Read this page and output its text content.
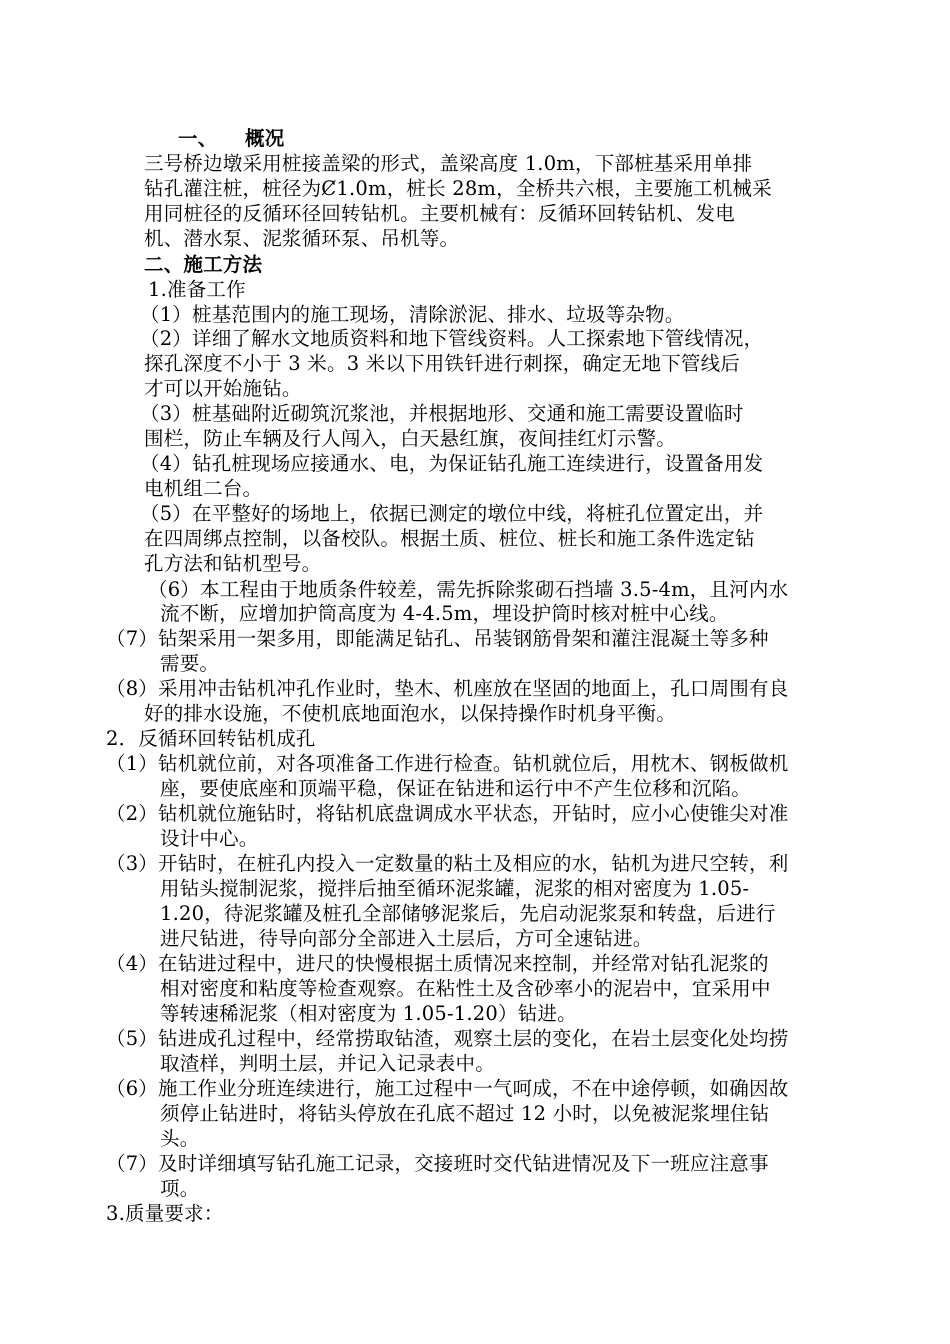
一、 概况
三号桥边墩采用桩接盖梁的形式，盖梁高度 1.0m，下部桩基采用单排
钻孔灌注桩，桩径为Ȼ1.0m，桩长 28m，全桥共六根，主要施工机械采
用同桩径的反循环径回转钻机。主要机械有：反循环回转钻机、发电
机、潜水泵、泥浆循环泵、吊机等。
二、施工方法
1.准备工作
（1）桩基范围内的施工现场，清除淤泥、排水、垃圾等杂物。
（2）详细了解水文地质资料和地下管线资料。人工探索地下管线情况，
探孔深度不小于 3 米。3 米以下用铁钎进行刺探，确定无地下管线后
才可以开始施钻。
（3）桩基础附近砌筑沉浆池，并根据地形、交通和施工需要设置临时
围栏，防止车辆及行人闯入，白天悬红旗，夜间挂红灯示警。
（4）钻孔桩现场应接通水、电，为保证钻孔施工连续进行，设置备用发
电机组二台。
（5）在平整好的场地上，依据已测定的墩位中线，将桩孔位置定出，并
在四周绑点控制，以备校队。根据土质、桩位、桩长和施工条件选定钻
孔方法和钻机型号。
（6）本工程由于地质条件较差，需先拆除浆砌石挡墙 3.5-4m，且河内水
流不断，应增加护筒高度为 4-4.5m，埋设护筒时核对桩中心线。
（7）钻架采用一架多用，即能满足钻孔、吊装钢筋骨架和灌注混凝土等多种
需要。
（8）采用冲击钻机冲孔作业时，垫木、机座放在坚固的地面上，孔口周围有良
好的排水设施，不使机底地面泡水，以保持操作时机身平衡。
2．反循环回转钻机成孔
（1）钻机就位前，对各项准备工作进行检查。钻机就位后，用枕木、钢板做机
座，要使底座和顶端平稳，保证在钻进和运行中不产生位移和沉陷。
（2）钻机就位施钻时，将钻机底盘调成水平状态，开钻时，应小心使锥尖对准
设计中心。
（3）开钻时，在桩孔内投入一定数量的粘土及相应的水，钻机为进尺空转，利
用钻头搅制泥浆，搅拌后抽至循环泥浆罐，泥浆的相对密度为 1.05-
1.20，待泥浆罐及桩孔全部储够泥浆后，先启动泥浆泵和转盘，后进行
进尺钻进，待导向部分全部进入土层后，方可全速钻进。
（4）在钻进过程中，进尺的快慢根据土质情况来控制，并经常对钻孔泥浆的
相对密度和粘度等检查观察。在粘性土及含砂率小的泥岩中，宜采用中
等转速稀泥浆（相对密度为 1.05-1.20）钻进。
（5）钻进成孔过程中，经常捞取钻渣，观察土层的变化，在岩土层变化处均捞
取渣样，判明土层，并记入记录表中。
（6）施工作业分班连续进行，施工过程中一气呵成，不在中途停顿，如确因故
须停止钻进时，将钻头停放在孔底不超过 12 小时，以免被泥浆埋住钻
头。
（7）及时详细填写钻孔施工记录，交接班时交代钻进情况及下一班应注意事
项。
3.质量要求：
